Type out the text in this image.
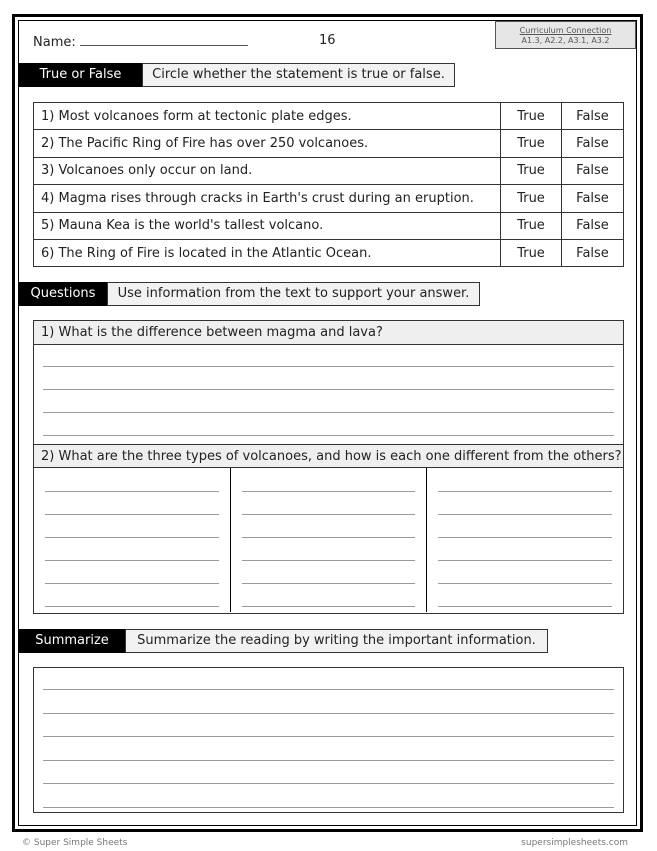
Name:	16
Curriculum Connection
A1.3, A2.2, A3.1, A3.2
True or False	Circle whether the statement is true or false.
1) Most volcanoes form at tectonic plate edges.	True	False
2) The Pacific Ring of Fire has over 250 volcanoes.	True	False
3) Volcanoes only occur on land.	True	False
4) Magma rises through cracks in Earth's crust during an eruption.	True	False
5) Mauna Kea is the world's tallest volcano.	True	False
6) The Ring of Fire is located in the Atlantic Ocean.	True	False
Questions	Use information from the text to support your answer.
1) What is the difference between magma and lava?
2) What are the three types of volcanoes, and how is each one different from the others?
Summarize	Summarize the reading by writing the important information.
© Super Simple Sheets	supersimplesheets.com
